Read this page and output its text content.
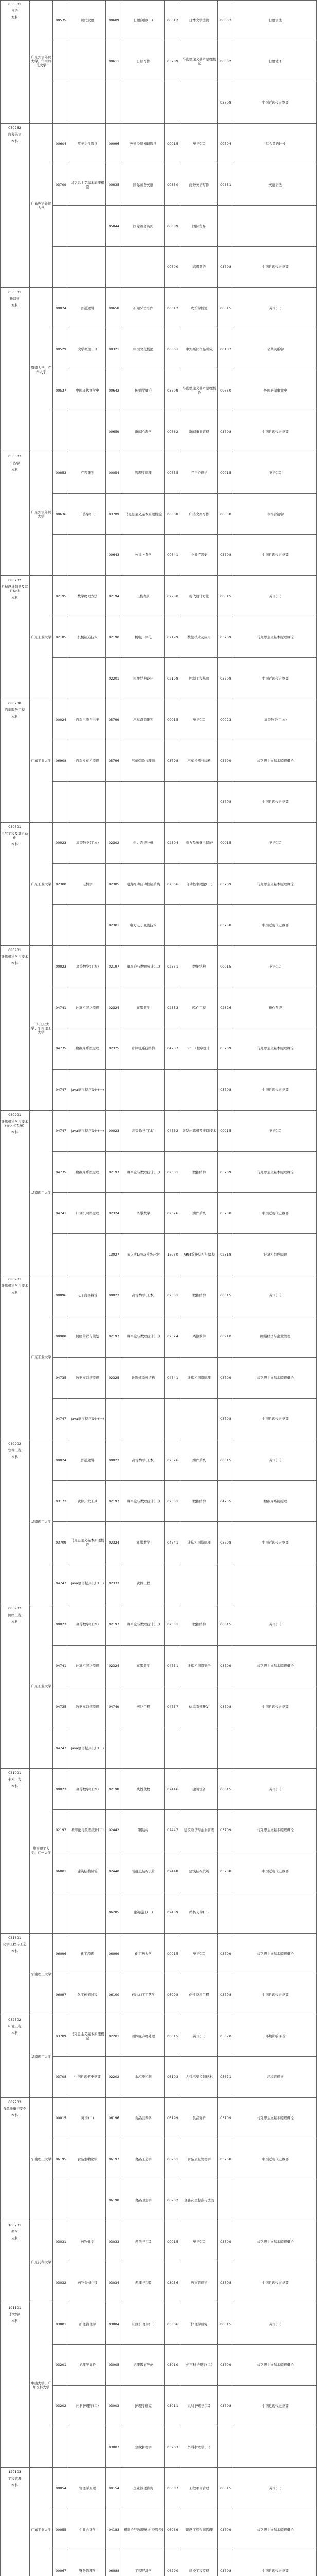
050301
日语
本科
广东外语外贸大学、华南师范大学
00535	现代汉语	00609	日语阅读(二)	00612	日本文学选读	00603	日语语法
00611	日语写作	03709	马克思主义基本原理概论	00602	日语笔译
03708	中国近现代史纲要
050262
商务英语
本科
广东外语外贸大学
00604	英美文学选读	00096	外刊经贸知识选读	00015	英语(二)	00794	综合英语(一)
03709	马克思主义基本原理概论	00835	国际商务英语	00830	商务英语写作	00831	英语语法
05844	国际商务谈判	00089	国际贸易
00600	高级英语	03708	中国近现代史纲要
050301
新闻学
本科
暨南大学、广州大学
00024	普通逻辑	00658	新闻采访写作	00312	政治学概论	00015	英语(二)
00529	文学概论(一)	00321	中国文化概论	00661	中外新闻作品研究	00182	公共关系学
00537	中国现代文学史	00642	传播学概论	03709	马克思主义基本原理概论	00660	外国新闻事业史
00659	新闻心理学	00662	新闻事业管理	03708	中国近现代史纲要
050303
广告学
本科
广东外语外贸大学
00853	广告策划	00054	管理学原理	00635	广告心理学	00015	英语(二)
00636	广告学(一)	03709	马克思主义基本原理概论	00638	广告文案写作	00058	市场营销学
00643	公共关系学	00641	中外广告史	03708	中国近现代史纲要
080202
机械设计制造及其自动化
本科
广东工业大学
02195	数学物理方法	02194	工程经济	02200	现代设计方法	00015	英语(二)
02185	机械制造技术	02190	机电一体化	02199	数控技术及应用	03709	马克思主义基本原理概论
02201	机械结构设计	02198	控制工程基础	03708	中国近现代史纲要
080208
汽车服务工程
本科
广东工业大学
00024	汽车电器与电子	05799	汽车营销策划	00015	英语(二)	00023	高等数学(工本)
06908	汽车发动机原理	05796	汽车保险与理赔	05798	汽车检测与诊断	03709	马克思主义基本原理概论
03708	中国近现代史纲要
080601
电气工程及其自动化
本科
广东工业大学
00023	高等数学(工本)	02302	电力系统分析	02304	电力系统继电保护	00015	英语(二)
02300	电机学	02305	电力拖动自动控制系统	02306	自动控制理论(二)	03709	马克思主义基本原理概论
02301	电力电子变流技术	03708	中国近现代史纲要
080901
计算机科学与技术
本科
广东工业大学、华南理工大学
00023	高等数学(工本)	02197	概率论与数理统计(二)	02331	数据结构	00015	英语(二)
04741	计算机网络原理	02324	离散数学	02333	软件工程	02326	操作系统
04735	数据库系统原理	02325	计算机系统结构	04737	C++程序设计	03709	马克思主义基本原理概论
04747	Java语言程序设计(一)	03708	中国近现代史纲要
080901
计算机科学与技术(嵌入式系统)
本科
华南理工大学
04747	Java语言程序设计(一)	00023	高等数学(工本)	04732	微型计算机及接口技术	00015	英语(二)
04735	数据库系统原理	02197	概率论与数理统计(二)	02331	数据结构	03709	马克思主义基本原理概论
04741	计算机网络原理	02324	离散数学	02326	操作系统	03708	中国近现代史纲要
13027	嵌入式Linux系统开发	13030	ARM系统结构与编程	02318	计算机组成原理
080901
计算机科学与技术
本科
广东工业大学
00896	电子商务概论	00023	高等数学(工本)	02331	数据结构	00015	英语(二)
00908	网络营销与策划	02197	概率论与数理统计(二)	02324	离散数学	00910	网络经济与企业管理
04735	数据库系统原理	02325	计算机系统结构	04741	计算机网络原理	03709	马克思主义基本原理概论
04747	Java语言程序设计(一)	03708	中国近现代史纲要
080902
软件工程
本科
华南理工大学
00024	普通逻辑	00023	高等数学(工本)	02326	操作系统	00015	英语(二)
03173	软件开发工具	02197	概率论与数理统计(二)	02331	数据结构	04735	数据库系统原理
03709	马克思主义基本原理概论	02324	离散数学	04741	计算机网络原理	03708	中国近现代史纲要
04747	Java语言程序设计(一)	02333	软件工程
080903
网络工程
本科
广东工业大学
00023	高等数学(工本)	02197	概率论与数理统计(二)	02331	数据结构	00015	英语(二)
04741	计算机网络原理	02324	离散数学	04751	计算机网络安全	03709	马克思主义基本原理概论
04735	数据库系统原理	04749	网络工程	04757	信息系统开发	03708	中国近现代史纲要
04747	Java语言程序设计(一)
081001
土木工程
本科
华南理工大学、广州大学
00023	高等数学(工本)	02198	线性代数	02446	建筑设备	00015	英语(二)
02197	概率论与数理统计(二)	02442	钢结构	02447	建筑经济与企业管理	03709	马克思主义基本原理概论
06001	建筑结构试验	02440	混凝土结构设计	02448	建筑结构抗震	03708	中国近现代史纲要
06285	建筑施工(一)	02439	结构力学(二)
081301
化学工程与工艺
本科
华南理工大学
06096	化工原理	06099	化工热力学	00015	英语(二)	03709	马克思主义基本原理概论
06097	化工传递过程	06100	石油加工工艺学	06098	化学反应工程	03708	中国近现代史纲要
082502
环境工程
本科
华南理工大学
03709	马克思主义基本原理概论	02201	固体废弃物处理	00015	英语(二)	05670	环境影响评价
03708	中国近现代史纲要	02202	水污染控制	06103	大气污染控制技术	05671	环境管理学
082703
食品质量与安全
本科
华南理工大学
00015	英语(二)	06196	食品营养学	06199	食品分析	03709	马克思主义基本原理概论
06195	食品生物化学	06197	食品工艺学	06201	食品质量管理学	03708	中国近现代史纲要
06198	食品卫生学	06202	食品安全标准与法规
100701
药学
本科
广东药科大学
03031	药物化学	03033	药剂学(二)	00015	英语(二)	03709	马克思主义基本原理概论
03032	药物分析(三)	03034	药理学(四)	03036	药事管理学	03708	中国近现代史纲要
101101
护理学
本科
中山大学、广州医科大学
03001	护理管理学	03004	社区护理学(一)	03006	护理学研究	00015	英语(二)
03201	护理学导论	03005	护理教育导论	03010	妇产科护理学(二)	03709	马克思主义基本原理概论
03202	内科护理学(二)	03003	护理学研究	03011	儿科护理学(二)	03708	中国近现代史纲要
03007	急救护理学	03203	外科护理学(二)
120103
工程管理
本科
广东工业大学
00054	管理学原理	00154	企业管理咨询	06087	工程项目管理	00015	英语(二)
00055	企业会计学	04183	概率论与数理统计(经管类)	06089	建设工程合同管理	03709	马克思主义基本原理概论
00067	财务管理学	06088	工程经济学	06290	建设工程监理	03708	中国近现代史纲要
